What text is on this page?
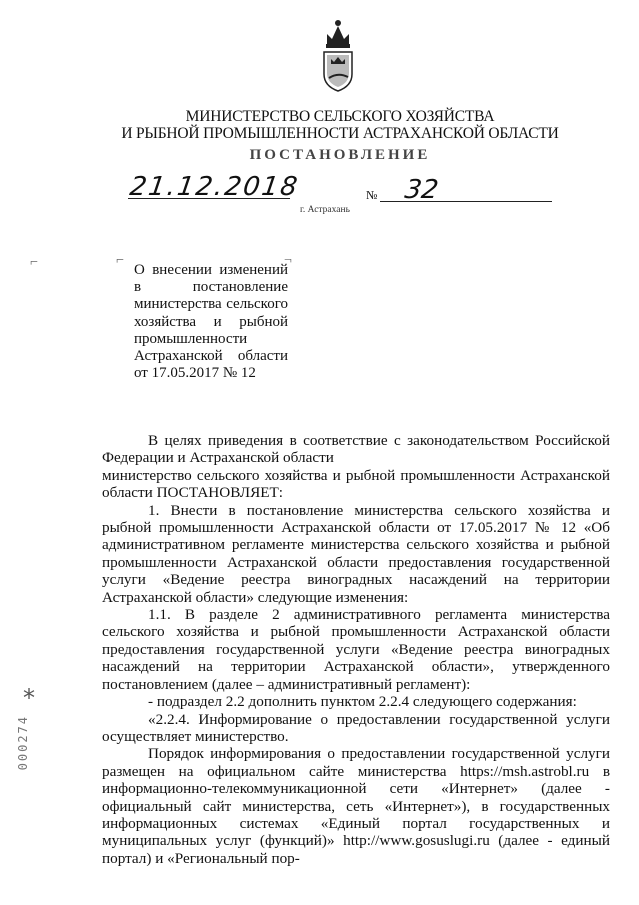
МИНИСТЕРСТВО СЕЛЬСКОГО ХОЗЯЙСТВА
И РЫБНОЙ ПРОМЫШЛЕННОСТИ АСТРАХАНСКОЙ ОБЛАСТИ
ПОСТАНОВЛЕНИЕ
21.12.2018	№ 32
г. Астрахань
⌐	⌐	¬
О внесении изменений в постановление министерства сельского хозяйства и рыбной промышленности Астраханской области от 17.05.2017 № 12

В целях приведения в соответствие с законодательством Российской Федерации и Астраханской области

министерство сельского хозяйства и рыбной промышленности Астраханской области ПОСТАНОВЛЯЕТ:

1. Внести в постановление министерства сельского хозяйства и рыбной промышленности Астраханской области от 17.05.2017 № 12 «Об административном регламенте министерства сельского хозяйства и рыбной промышленности Астраханской области предоставления государственной услуги «Ведение реестра виноградных насаждений на территории Астраханской области» следующие изменения:

1.1. В разделе 2 административного регламента министерства сельского хозяйства и рыбной промышленности Астраханской области предоставления государственной услуги «Ведение реестра виноградных насаждений на территории Астраханской области», утвержденного постановлением (далее – административный регламент):

- подраздел 2.2 дополнить пунктом 2.2.4 следующего содержания:

«2.2.4. Информирование о предоставлении государственной услуги осуществляет министерство.

Порядок информирования о предоставлении государственной услуги размещен на официальном сайте министерства https://msh.astrobl.ru в информационно-телекоммуникационной сети «Интернет» (далее - официальный сайт министерства, сеть «Интернет»), в государственных информационных системах «Единый портал государственных и муниципальных услуг (функций)» http://www.gosuslugi.ru (далее - единый портал) и «Региональный пор-

*
000274
